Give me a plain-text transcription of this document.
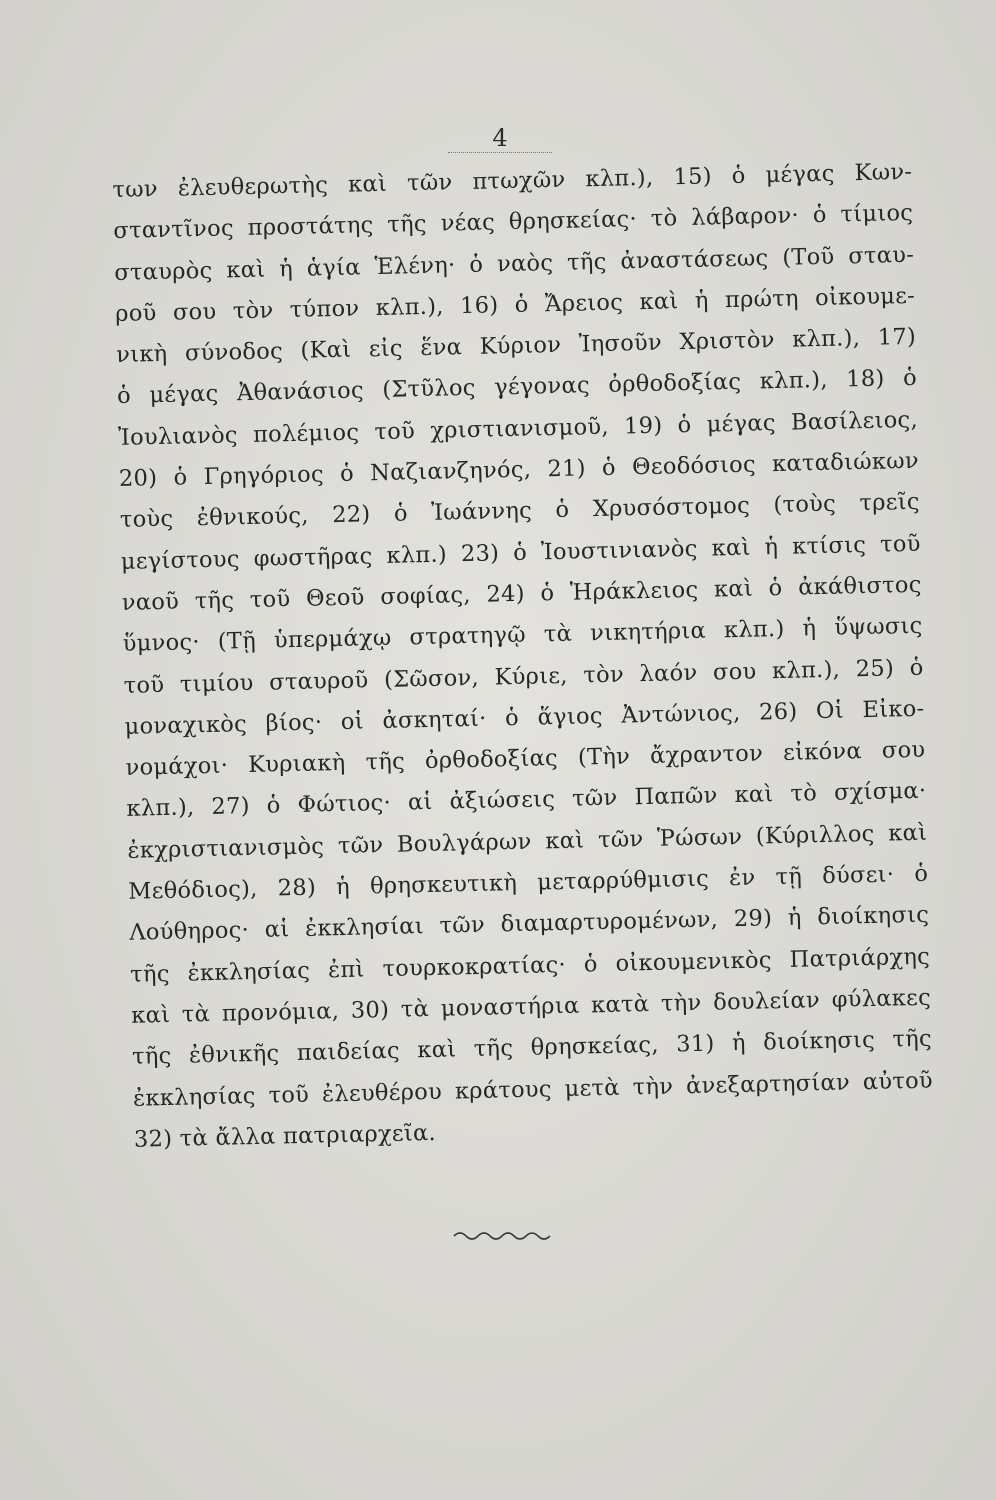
4
των ἐλευθερωτὴς καὶ τῶν πτωχῶν κλπ.), 15) ὁ μέγας Κων-
σταντῖνος προστάτης τῆς νέας θρησκείας· τὸ λάβαρον· ὁ τίμιος
σταυρὸς καὶ ἡ ἁγία Ἑλένη· ὁ ναὸς τῆς ἀναστάσεως (Τοῦ σταυ-
ροῦ σου τὸν τύπον κλπ.), 16) ὁ Ἄρειος καὶ ἡ πρώτη οἰκουμε-
νικὴ σύνοδος (Καὶ εἰς ἕνα Κύριον Ἰησοῦν Χριστὸν κλπ.), 17)
ὁ μέγας Ἀθανάσιος (Στῦλος γέγονας ὀρθοδοξίας κλπ.), 18) ὁ
Ἰουλιανὸς πολέμιος τοῦ χριστιανισμοῦ, 19) ὁ μέγας Βασίλειος,
20) ὁ Γρηγόριος ὁ Ναζιανζηνός, 21) ὁ Θεοδόσιος καταδιώκων
τοὺς ἐθνικούς, 22) ὁ Ἰωάννης ὁ Χρυσόστομος (τοὺς τρεῖς
μεγίστους φωστῆρας κλπ.) 23) ὁ Ἰουστινιανὸς καὶ ἡ κτίσις τοῦ
ναοῦ τῆς τοῦ Θεοῦ σοφίας, 24) ὁ Ἡράκλειος καὶ ὁ ἀκάθιστος
ὕμνος· (Τῇ ὑπερμάχῳ στρατηγῷ τὰ νικητήρια κλπ.) ἡ ὕψωσις
τοῦ τιμίου σταυροῦ (Σῶσον, Κύριε, τὸν λαόν σου κλπ.), 25) ὁ
μοναχικὸς βίος· οἱ ἀσκηταί· ὁ ἅγιος Ἀντώνιος, 26) Οἱ Εἰκο-
νομάχοι· Κυριακὴ τῆς ὀρθοδοξίας (Τὴν ἄχραντον εἰκόνα σου
κλπ.), 27) ὁ Φώτιος· αἱ ἀξιώσεις τῶν Παπῶν καὶ τὸ σχίσμα·
ἐκχριστιανισμὸς τῶν Βουλγάρων καὶ τῶν Ῥώσων (Κύριλλος καὶ
Μεθόδιος), 28) ἡ θρησκευτικὴ μεταρρύθμισις ἐν τῇ δύσει· ὁ
Λούθηρος· αἱ ἐκκλησίαι τῶν διαμαρτυρομένων, 29) ἡ διοίκησις
τῆς ἐκκλησίας ἐπὶ τουρκοκρατίας· ὁ οἰκουμενικὸς Πατριάρχης
καὶ τὰ προνόμια, 30) τὰ μοναστήρια κατὰ τὴν δουλείαν φύλακες
τῆς ἐθνικῆς παιδείας καὶ τῆς θρησκείας, 31) ἡ διοίκησις τῆς
ἐκκλησίας τοῦ ἐλευθέρου κράτους μετὰ τὴν ἀνεξαρτησίαν αὐτοῦ
32) τὰ ἄλλα πατριαρχεῖα.
